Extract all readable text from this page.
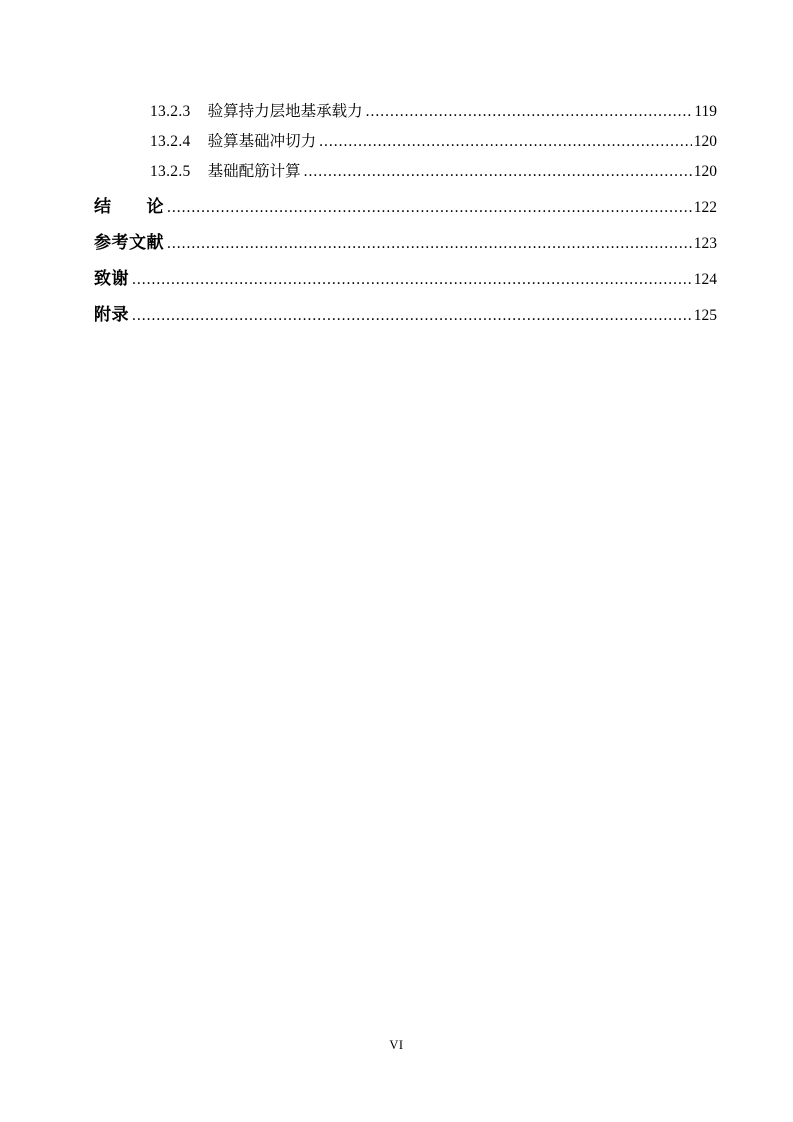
13.2.3 验算持力层地基承载力 .....	119
13.2.4 验算基础冲切力 .....	120
13.2.5 基础配筋计算 .....	120
结　　论 .....	122
参考文献 .....	123
致谢 .....	124
附录 .....	125
VI
